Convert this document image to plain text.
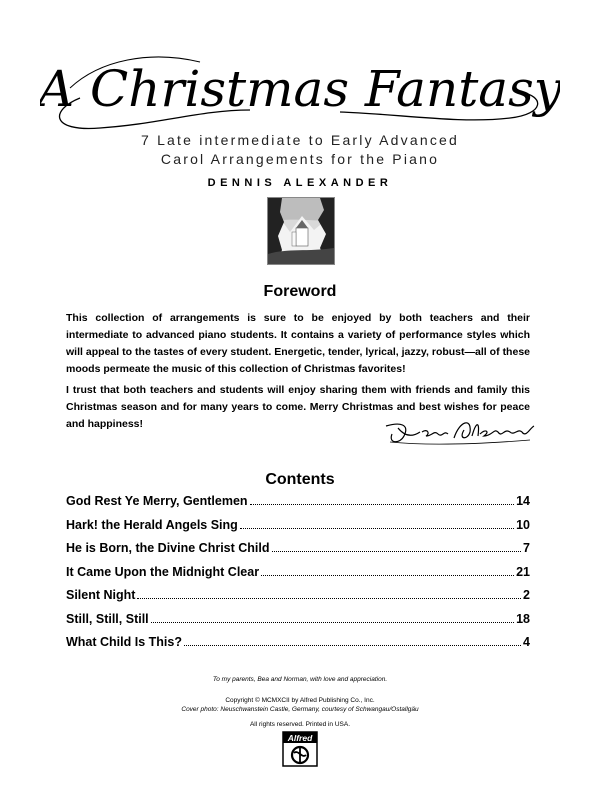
A Christmas Fantasy
7 Late intermediate to Early Advanced
Carol Arrangements for the Piano
DENNIS ALEXANDER
Foreword

This collection of arrangements is sure to be enjoyed by both teachers and their intermediate to advanced piano students. It contains a variety of performance styles which will appeal to the tastes of every student. Energetic, tender, lyrical, jazzy, robust—all of these moods permeate the music of this collection of Christmas favorites!

I trust that both teachers and students will enjoy sharing them with friends and family this Christmas season and for many years to come. Merry Christmas and best wishes for peace and happiness!

Contents
God Rest Ye Merry, Gentlemen	14
Hark! the Herald Angels Sing	10
He is Born, the Divine Christ Child	7
It Came Upon the Midnight Clear	21
Silent Night	2
Still, Still, Still	18
What Child Is This?	4
To my parents, Bea and Norman, with love and appreciation.
Copyright © MCMXCII by Alfred Publishing Co., Inc.
Cover photo: Neuschwanstein Castle, Germany, courtesy of Schwangau/Ostallgäu
All rights reserved. Printed in USA.
Alfred
